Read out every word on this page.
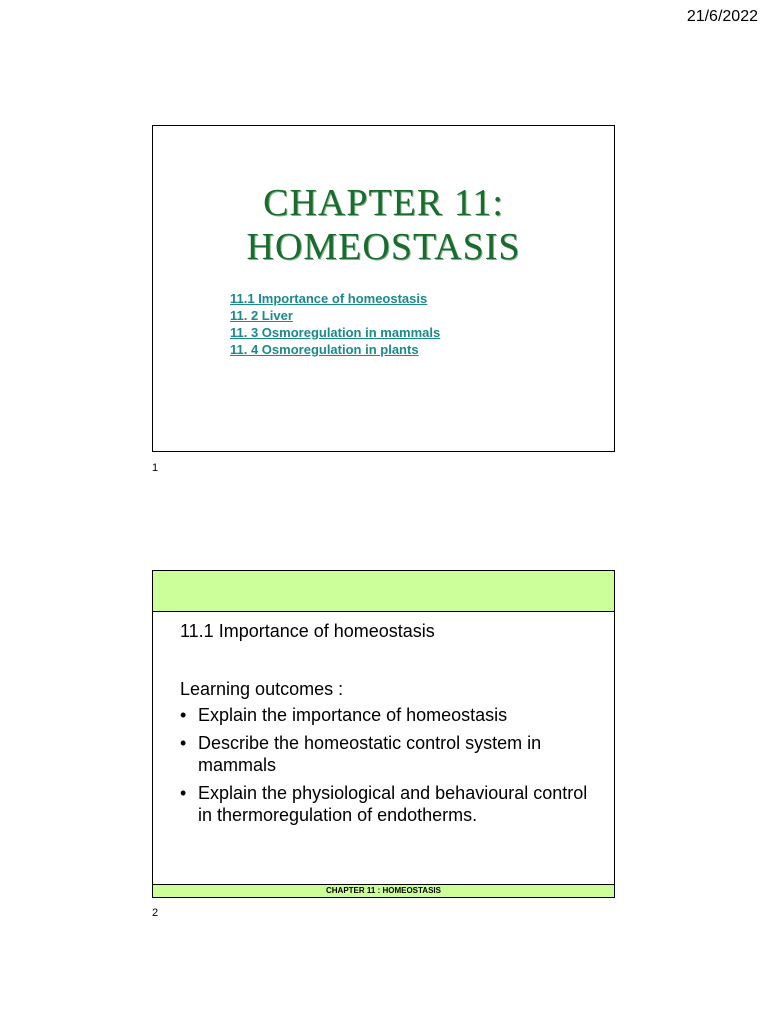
21/6/2022
CHAPTER 11:
HOMEOSTASIS
11.1 Importance of homeostasis
11. 2 Liver
11. 3 Osmoregulation in mammals
11. 4 Osmoregulation in plants
1
11.1 Importance of homeostasis
Learning outcomes :
• Explain the importance of homeostasis
• Describe the homeostatic control system in mammals
• Explain the physiological and behavioural control in thermoregulation of endotherms.
CHAPTER 11 : HOMEOSTASIS
2
